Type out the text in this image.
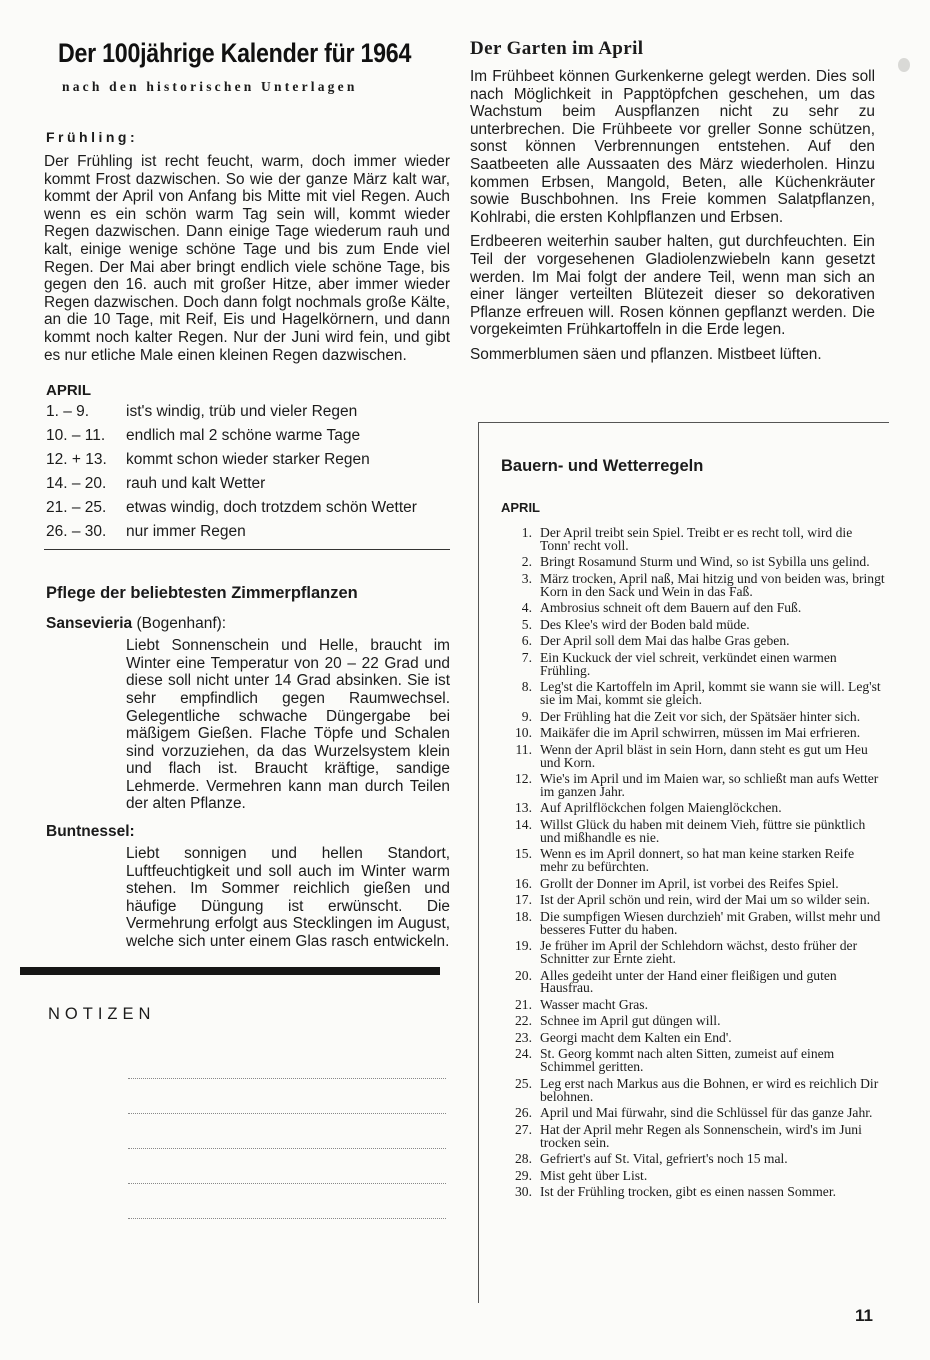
Der 100jährige Kalender für 1964
nach den historischen Unterlagen
Frühling:

Der Frühling ist recht feucht, warm, doch immer wieder kommt Frost dazwischen. So wie der ganze März kalt war, kommt der April von Anfang bis Mitte mit viel Regen. Auch wenn es ein schön warm Tag sein will, kommt wieder Regen dazwischen. Dann einige Tage wiederum rauh und kalt, einige wenige schöne Tage und bis zum Ende viel Regen. Der Mai aber bringt endlich viele schöne Tage, bis gegen den 16. auch mit großer Hitze, aber immer wieder Regen dazwischen. Doch dann folgt nochmals große Kälte, an die 10 Tage, mit Reif, Eis und Hagelkörnern, und dann kommt noch kalter Regen. Nur der Juni wird fein, und gibt es nur etliche Male einen kleinen Regen dazwischen.

APRIL
1. – 9.	ist's windig, trüb und vieler Regen
10. – 11.	endlich mal 2 schöne warme Tage
12. + 13.	kommt schon wieder starker Regen
14. – 20.	rauh und kalt Wetter
21. – 25.	etwas windig, doch trotzdem schön Wetter
26. – 30.	nur immer Regen
Pflege der beliebtesten Zimmerpflanzen
Sansevieria (Bogenhanf):

Liebt Sonnenschein und Helle, braucht im Winter eine Temperatur von 20 – 22 Grad und diese soll nicht unter 14 Grad absinken. Sie ist sehr empfindlich gegen Raumwechsel. Gelegentliche schwache Düngergabe bei mäßigem Gießen. Flache Töpfe und Schalen sind vorzuziehen, da das Wurzelsystem klein und flach ist. Braucht kräftige, sandige Lehmerde. Vermehren kann man durch Teilen der alten Pflanze.

Buntnessel:

Liebt sonnigen und hellen Standort, Luftfeuchtigkeit und soll auch im Winter warm stehen. Im Sommer reichlich gießen und häufige Düngung ist erwünscht. Die Vermehrung erfolgt aus Stecklingen im August, welche sich unter einem Glas rasch entwickeln.

NOTIZEN
Der Garten im April

Im Frühbeet können Gurkenkerne gelegt werden. Dies soll nach Möglichkeit in Papptöpfchen geschehen, um das Wachstum beim Auspflanzen nicht zu sehr zu unterbrechen. Die Frühbeete vor greller Sonne schützen, sonst können Verbrennungen entstehen. Auf den Saatbeeten alle Aussaaten des März wiederholen. Hinzu kommen Erbsen, Mangold, Beten, alle Küchenkräuter sowie Buschbohnen. Ins Freie kommen Salatpflanzen, Kohlrabi, die ersten Kohlpflanzen und Erbsen.

Erdbeeren weiterhin sauber halten, gut durchfeuchten. Ein Teil der vorgesehenen Gladiolenzwiebeln kann gesetzt werden. Im Mai folgt der andere Teil, wenn man sich an einer länger verteilten Blütezeit dieser so dekorativen Pflanze erfreuen will. Rosen können gepflanzt werden. Die vorgekeimten Frühkartoffeln in die Erde legen.

Sommerblumen säen und pflanzen. Mistbeet lüften.

Bauern- und Wetterregeln
APRIL
1. Der April treibt sein Spiel. Treibt er es recht toll, wird die Tonn' recht voll.
2. Bringt Rosamund Sturm und Wind, so ist Sybilla uns gelind.
3. März trocken, April naß, Mai hitzig und von beiden was, bringt Korn in den Sack und Wein in das Faß.
4. Ambrosius schneit oft dem Bauern auf den Fuß.
5. Des Klee's wird der Boden bald müde.
6. Der April soll dem Mai das halbe Gras geben.
7. Ein Kuckuck der viel schreit, verkündet einen warmen Frühling.
8. Leg'st die Kartoffeln im April, kommt sie wann sie will. Leg'st sie im Mai, kommt sie gleich.
9. Der Frühling hat die Zeit vor sich, der Spätsäer hinter sich.
10. Maikäfer die im April schwirren, müssen im Mai erfrieren.
11. Wenn der April bläst in sein Horn, dann steht es gut um Heu und Korn.
12. Wie's im April und im Maien war, so schließt man aufs Wetter im ganzen Jahr.
13. Auf Aprilflöckchen folgen Maienglöckchen.
14. Willst Glück du haben mit deinem Vieh, füttre sie pünktlich und mißhandle es nie.
15. Wenn es im April donnert, so hat man keine starken Reife mehr zu befürchten.
16. Grollt der Donner im April, ist vorbei des Reifes Spiel.
17. Ist der April schön und rein, wird der Mai um so wilder sein.
18. Die sumpfigen Wiesen durchzieh' mit Graben, willst mehr und besseres Futter du haben.
19. Je früher im April der Schlehdorn wächst, desto früher der Schnitter zur Ernte zieht.
20. Alles gedeiht unter der Hand einer fleißigen und guten Hausfrau.
21. Wasser macht Gras.
22. Schnee im April gut düngen will.
23. Georgi macht dem Kalten ein End'.
24. St. Georg kommt nach alten Sitten, zumeist auf einem Schimmel geritten.
25. Leg erst nach Markus aus die Bohnen, er wird es reichlich Dir belohnen.
26. April und Mai fürwahr, sind die Schlüssel für das ganze Jahr.
27. Hat der April mehr Regen als Sonnenschein, wird's im Juni trocken sein.
28. Gefriert's auf St. Vital, gefriert's noch 15 mal.
29. Mist geht über List.
30. Ist der Frühling trocken, gibt es einen nassen Sommer.
11
